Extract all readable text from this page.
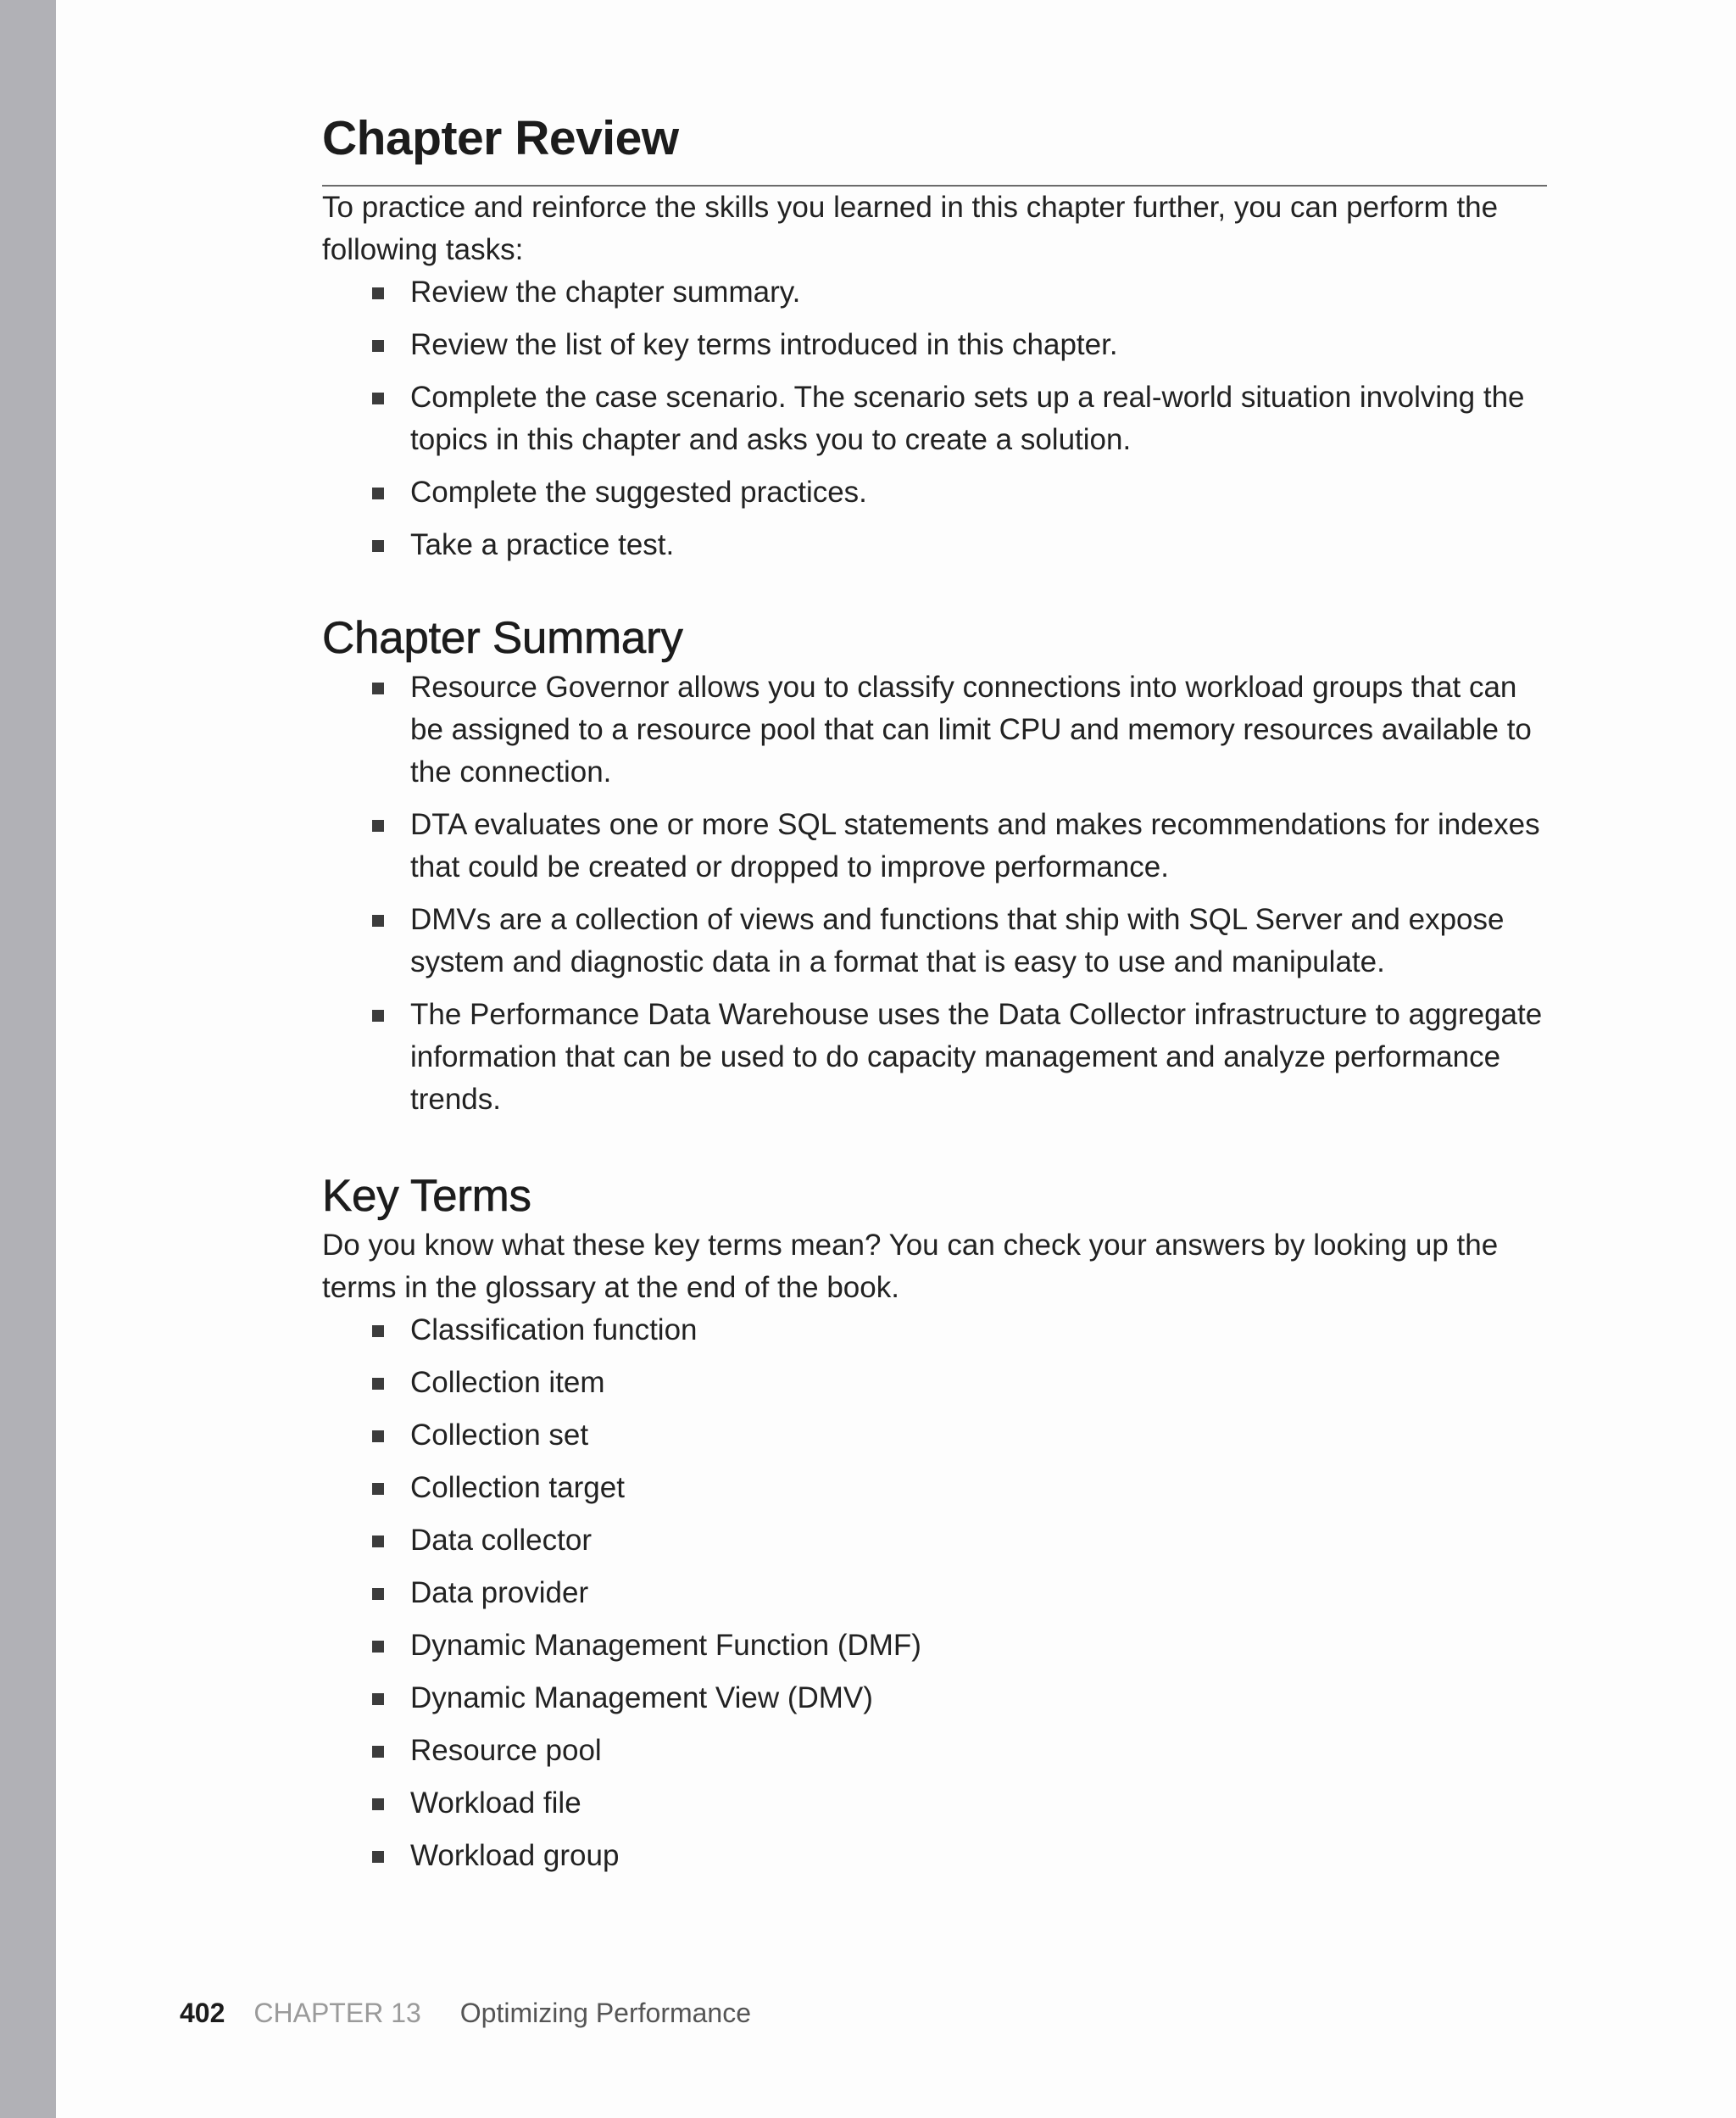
Chapter Review

To practice and reinforce the skills you learned in this chapter further, you can perform the following tasks:

Review the chapter summary.
Review the list of key terms introduced in this chapter.
Complete the case scenario. The scenario sets up a real-world situation involving the topics in this chapter and asks you to create a solution.
Complete the suggested practices.
Take a practice test.
Chapter Summary
Resource Governor allows you to classify connections into workload groups that can be assigned to a resource pool that can limit CPU and memory resources available to the connection.
DTA evaluates one or more SQL statements and makes recommendations for indexes that could be created or dropped to improve performance.
DMVs are a collection of views and functions that ship with SQL Server and expose system and diagnostic data in a format that is easy to use and manipulate.
The Performance Data Warehouse uses the Data Collector infrastructure to aggregate information that can be used to do capacity management and analyze performance trends.
Key Terms

Do you know what these key terms mean? You can check your answers by looking up the terms in the glossary at the end of the book.

Classification function
Collection item
Collection set
Collection target
Data collector
Data provider
Dynamic Management Function (DMF)
Dynamic Management View (DMV)
Resource pool
Workload file
Workload group
402 CHAPTER 13 Optimizing Performance
